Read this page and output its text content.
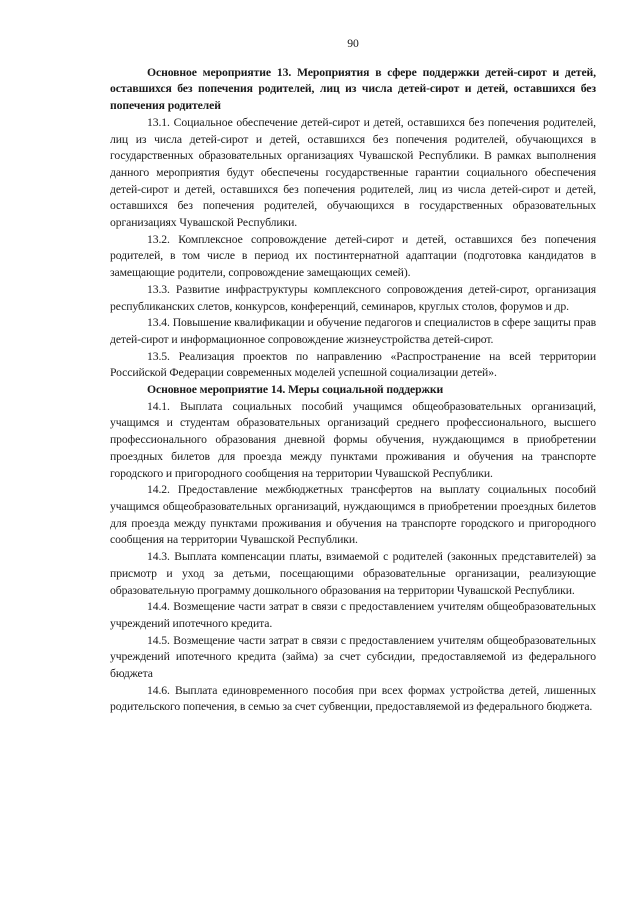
90

Основное мероприятие 13. Мероприятия в сфере поддержки детей-сирот и детей, оставшихся без попечения родителей, лиц из числа детей-сирот и детей, оставшихся без попечения родителей

13.1. Социальное обеспечение детей-сирот и детей, оставшихся без попечения родителей, лиц из числа детей-сирот и детей, оставшихся без попечения родителей, обучающихся в государственных образовательных организациях Чувашской Республики. В рамках выполнения данного мероприятия будут обеспечены государственные гарантии социального обеспечения детей-сирот и детей, оставшихся без попечения родителей, лиц из числа детей-сирот и детей, оставшихся без попечения родителей, обучающихся в государственных образовательных организациях Чувашской Республики.

13.2. Комплексное сопровождение детей-сирот и детей, оставшихся без попечения родителей, в том числе в период их постинтернатной адаптации (подготовка кандидатов в замещающие родители, сопровождение замещающих семей).

13.3. Развитие инфраструктуры комплексного сопровождения детей-сирот, организация республиканских слетов, конкурсов, конференций, семинаров, круглых столов, форумов и др.

13.4. Повышение квалификации и обучение педагогов и специалистов в сфере защиты прав детей-сирот и информационное сопровождение жизнеустройства детей-сирот.

13.5. Реализация проектов по направлению «Распространение на всей территории Российской Федерации современных моделей успешной социализации детей».

Основное мероприятие 14. Меры социальной поддержки

14.1. Выплата социальных пособий учащимся общеобразовательных организаций, учащимся и студентам образовательных организаций среднего профессионального, высшего профессионального образования дневной формы обучения, нуждающимся в приобретении проездных билетов для проезда между пунктами проживания и обучения на транспорте городского и пригородного сообщения на территории Чувашской Республики.

14.2. Предоставление межбюджетных трансфертов на выплату социальных пособий учащимся общеобразовательных организаций, нуждающимся в приобретении проездных билетов для проезда между пунктами проживания и обучения на транспорте городского и пригородного сообщения на территории Чувашской Республики.

14.3. Выплата компенсации платы, взимаемой с родителей (законных представителей) за присмотр и уход за детьми, посещающими образовательные организации, реализующие образовательную программу дошкольного образования на территории Чувашской Республики.

14.4. Возмещение части затрат в связи с предоставлением учителям общеобразовательных учреждений ипотечного кредита.

14.5. Возмещение части затрат в связи с предоставлением учителям общеобразовательных учреждений ипотечного кредита (займа) за счет субсидии, предоставляемой из федерального бюджета

14.6. Выплата единовременного пособия при всех формах устройства детей, лишенных родительского попечения, в семью за счет субвенции, предоставляемой из федерального бюджета.
